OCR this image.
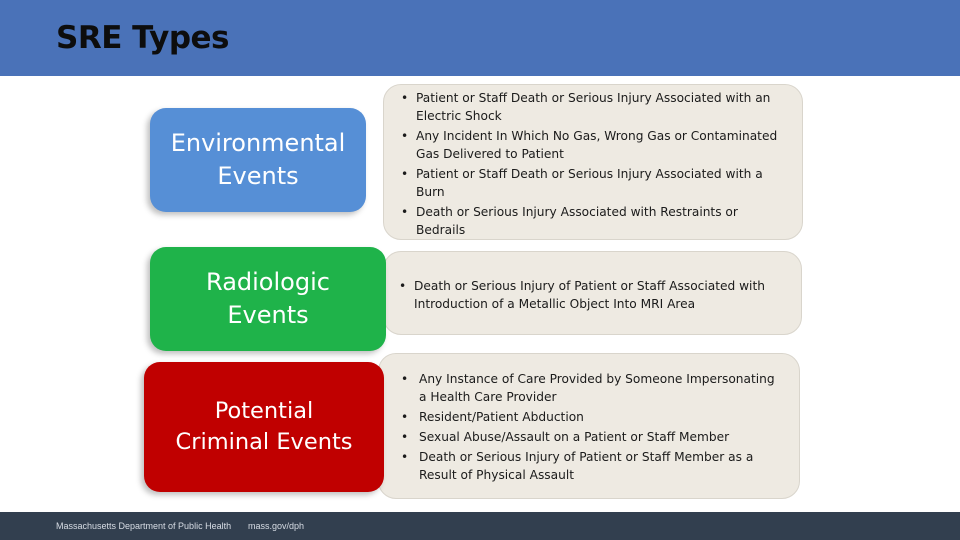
SRE Types
• Patient or Staff Death or Serious Injury Associated with an Electric Shock
• Any Incident In Which No Gas, Wrong Gas or Contaminated Gas Delivered to Patient
• Patient or Staff Death or Serious Injury Associated with a Burn
• Death or Serious Injury Associated with Restraints or Bedrails
Environmental
Events
• Death or Serious Injury of Patient or Staff Associated with Introduction of a Metallic Object Into MRI Area
Radiologic
Events
• Any Instance of Care Provided by Someone Impersonating a Health Care Provider
• Resident/Patient Abduction
• Sexual Abuse/Assault on a Patient or Staff Member
• Death or Serious Injury of Patient or Staff Member as a Result of Physical Assault
Potential
Criminal Events
Massachusetts Department of Public Health mass.gov/dph
